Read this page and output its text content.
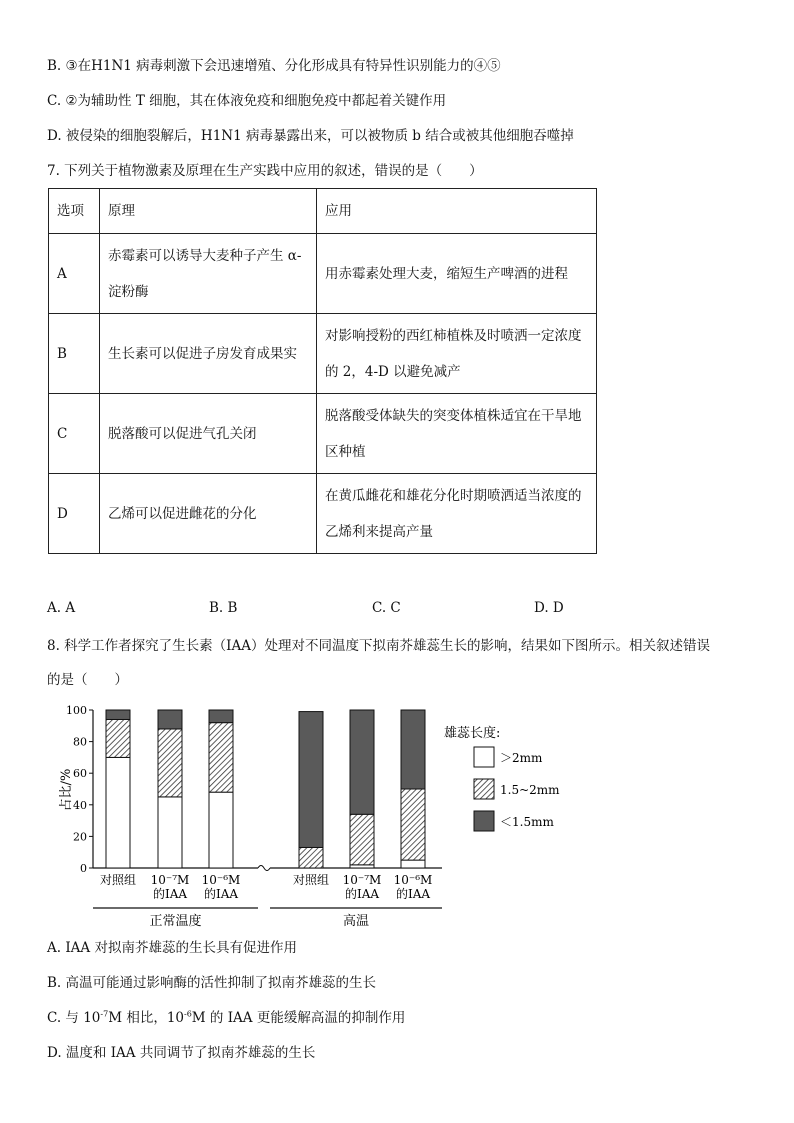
B. ③在H1N1 病毒刺激下会迅速增殖、分化形成具有特异性识别能力的④⑤
C. ②为辅助性 T 细胞，其在体液免疫和细胞免疫中都起着关键作用
D. 被侵染的细胞裂解后，H1N1 病毒暴露出来，可以被物质 b 结合或被其他细胞吞噬掉
7. 下列关于植物激素及原理在生产实践中应用的叙述，错误的是（　　）
选项	原理	应用
A	赤霉素可以诱导大麦种子产生 α-淀粉酶	用赤霉素处理大麦，缩短生产啤酒的进程
B	生长素可以促进子房发育成果实	对影响授粉的西红柿植株及时喷洒一定浓度的 2，4-D 以避免减产
C	脱落酸可以促进气孔关闭	脱落酸受体缺失的突变体植株适宜在干旱地区种植
D	乙烯可以促进雌花的分化	在黄瓜雌花和雄花分化时期喷洒适当浓度的乙烯利来提高产量
A. A	B. B	C. C	D. D
8. 科学工作者探究了生长素（IAA）处理对不同温度下拟南芥雄蕊生长的影响，结果如下图所示。相关叙述错误
的是（　　）
占比/%
0
20
40
60
80
100
对照组 10⁻⁷M
的IAA
10⁻⁶M
的IAA
对照组 10⁻⁷M
的IAA
10⁻⁶M
的IAA
正常温度	高温
雄蕊长度:
＞2mm
1.5~2mm
＜1.5mm
A. IAA 对拟南芥雄蕊的生长具有促进作用
B. 高温可能通过影响酶的活性抑制了拟南芥雄蕊的生长
C. 与 $10^{-7}M$ 相比，$10^{-6}M$ 的 IAA 更能缓解高温的抑制作用
D. 温度和 IAA 共同调节了拟南芥雄蕊的生长
